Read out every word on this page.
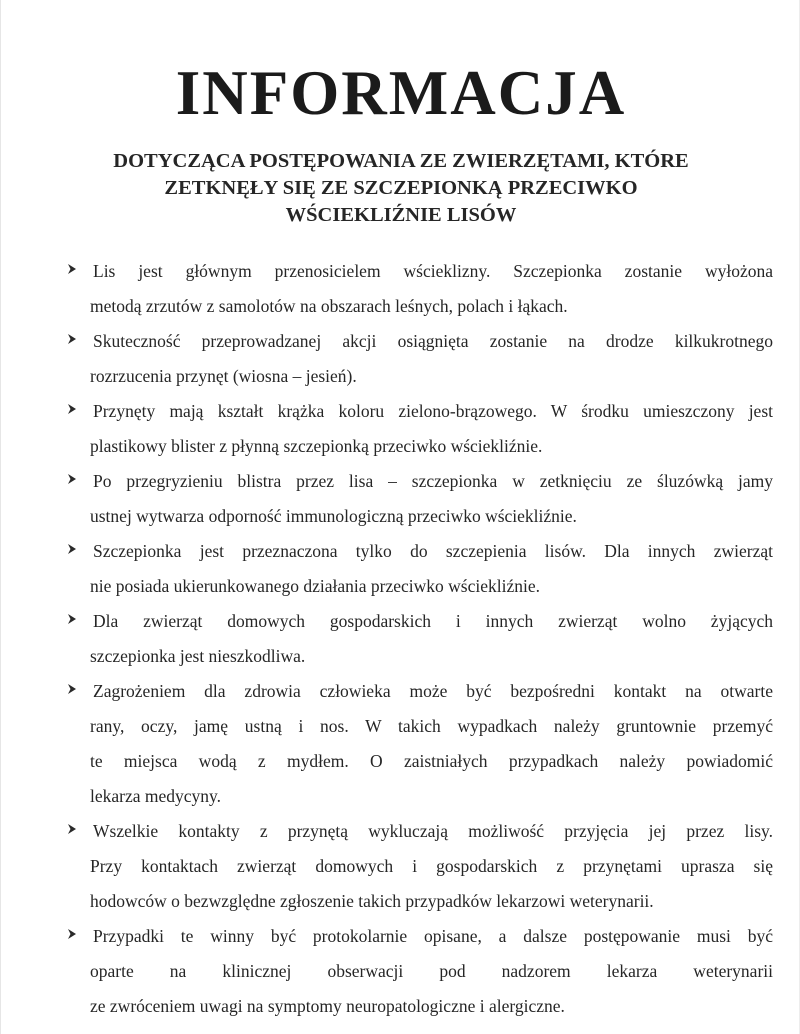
INFORMACJA
DOTYCZĄCA POSTĘPOWANIA ZE ZWIERZĘTAMI, KTÓRE
ZETKNĘŁY SIĘ ZE SZCZEPIONKĄ PRZECIWKO
WŚCIEKLIŹNIE LISÓW
Lis jest głównym przenosicielem wścieklizny. Szczepionka zostanie wyłożona
metodą zrzutów z samolotów na obszarach leśnych, polach i łąkach.
Skuteczność przeprowadzanej akcji osiągnięta zostanie na drodze kilkukrotnego
rozrzucenia przynęt (wiosna – jesień).
Przynęty mają kształt krążka koloru zielono-brązowego. W środku umieszczony jest
plastikowy blister z płynną szczepionką przeciwko wściekliźnie.
Po przegryzieniu blistra przez lisa – szczepionka w zetknięciu ze śluzówką jamy
ustnej wytwarza odporność immunologiczną przeciwko wściekliźnie.
Szczepionka jest przeznaczona tylko do szczepienia lisów. Dla innych zwierząt
nie posiada ukierunkowanego działania przeciwko wściekliźnie.
Dla zwierząt domowych gospodarskich i innych zwierząt wolno żyjących
szczepionka jest nieszkodliwa.
Zagrożeniem dla zdrowia człowieka może być bezpośredni kontakt na otwarte
rany, oczy, jamę ustną i nos. W takich wypadkach należy gruntownie przemyć
te miejsca wodą z mydłem. O zaistniałych przypadkach należy powiadomić
lekarza medycyny.
Wszelkie kontakty z przynętą wykluczają możliwość przyjęcia jej przez lisy.
Przy kontaktach zwierząt domowych i gospodarskich z przynętami uprasza się
hodowców o bezwzględne zgłoszenie takich przypadków lekarzowi weterynarii.
Przypadki te winny być protokolarnie opisane, a dalsze postępowanie musi być
oparte na klinicznej obserwacji pod nadzorem lekarza weterynarii
ze zwróceniem uwagi na symptomy neuropatologiczne i alergiczne.
